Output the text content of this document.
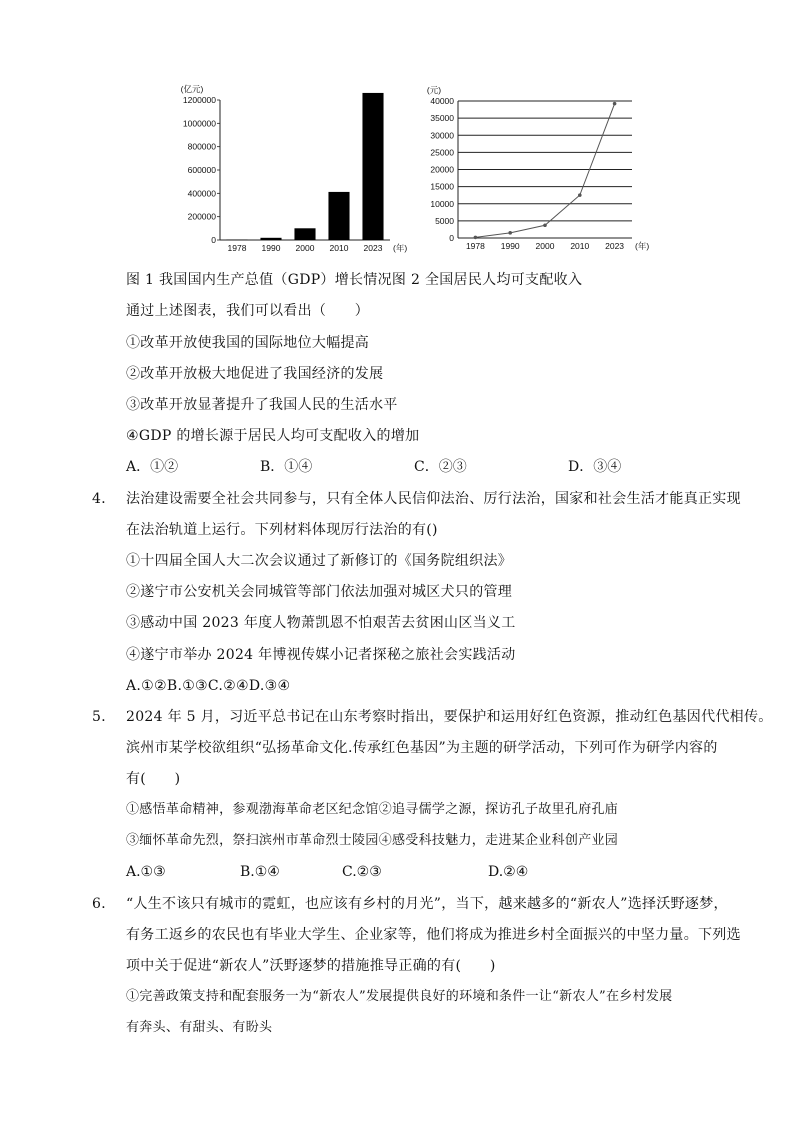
(亿元)
0
200000
400000
600000
800000
1000000
1200000
1978 1990 2000 2010 2023 (年)
(元)
0
5000
10000
15000
20000
25000
30000
35000
40000
1978 1990 2000 2010 2023 (年)
图 1 我国国内生产总值（GDP）增长情况图 2 全国居民人均可支配收入
通过上述图表，我们可以看出（　　）
①改革开放使我国的国际地位大幅提高
②改革开放极大地促进了我国经济的发展
③改革开放显著提升了我国人民的生活水平
④GDP 的增长源于居民人均可支配收入的增加
A．①②	B．①④	C．②③	D．③④
4． 法治建设需要全社会共同参与，只有全体人民信仰法治、厉行法治，国家和社会生活才能真正实现
在法治轨道上运行。下列材料体现厉行法治的有()
①十四届全国人大二次会议通过了新修订的《国务院组织法》
②遂宁市公安机关会同城管等部门依法加强对城区犬只的管理
③感动中国 2023 年度人物萧凯恩不怕艰苦去贫困山区当义工
④遂宁市举办 2024 年博视传媒小记者探秘之旅社会实践活动
A.①②B.①③C.②④D.③④
5． 2024 年 5 月，习近平总书记在山东考察时指出，要保护和运用好红色资源，推动红色基因代代相传。
滨州市某学校欲组织“弘扬革命文化.传承红色基因”为主题的研学活动，下列可作为研学内容的
有(　　)
①感悟革命精神，参观渤海革命老区纪念馆②追寻儒学之源，探访孔子故里孔府孔庙
③缅怀革命先烈，祭扫滨州市革命烈士陵园④感受科技魅力，走进某企业科创产业园
A.①③	B.①④	C.②③	D.②④
6． “人生不该只有城市的霓虹，也应该有乡村的月光”，当下，越来越多的“新农人”选择沃野逐梦，
有务工返乡的农民也有毕业大学生、企业家等，他们将成为推进乡村全面振兴的中坚力量。下列选
项中关于促进“新农人”沃野逐梦的措施推导正确的有(　　)
①完善政策支持和配套服务一为“新农人”发展提供良好的环境和条件一让“新农人”在乡村发展
有奔头、有甜头、有盼头
